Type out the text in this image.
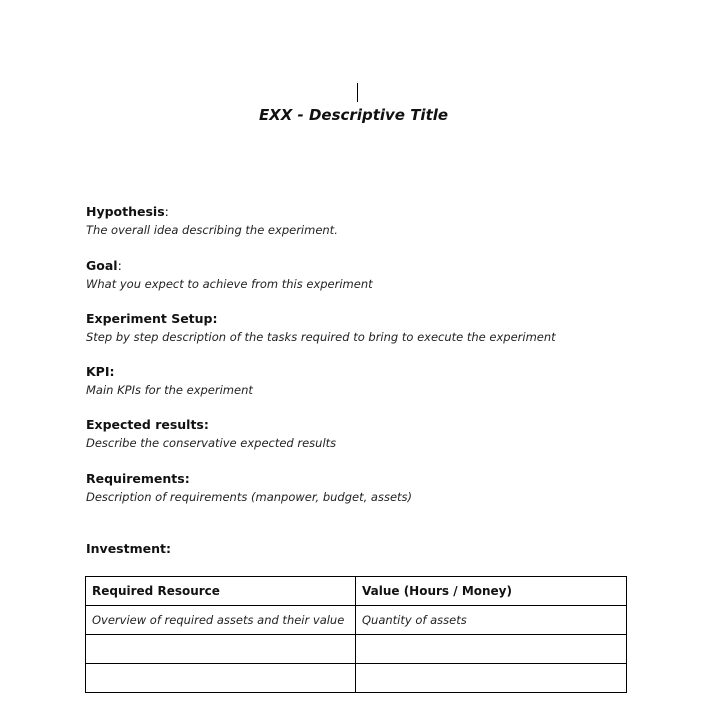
EXX - Descriptive Title

Hypothesis:

The overall idea describing the experiment.

Goal:

What you expect to achieve from this experiment

Experiment Setup:

Step by step description of the tasks required to bring to execute the experiment

KPI:

Main KPIs for the experiment

Expected results:

Describe the conservative expected results

Requirements:

Description of requirements (manpower, budget, assets)

Investment:

Required Resource	Value (Hours / Money)
Overview of required assets and their value	Quantity of assets
